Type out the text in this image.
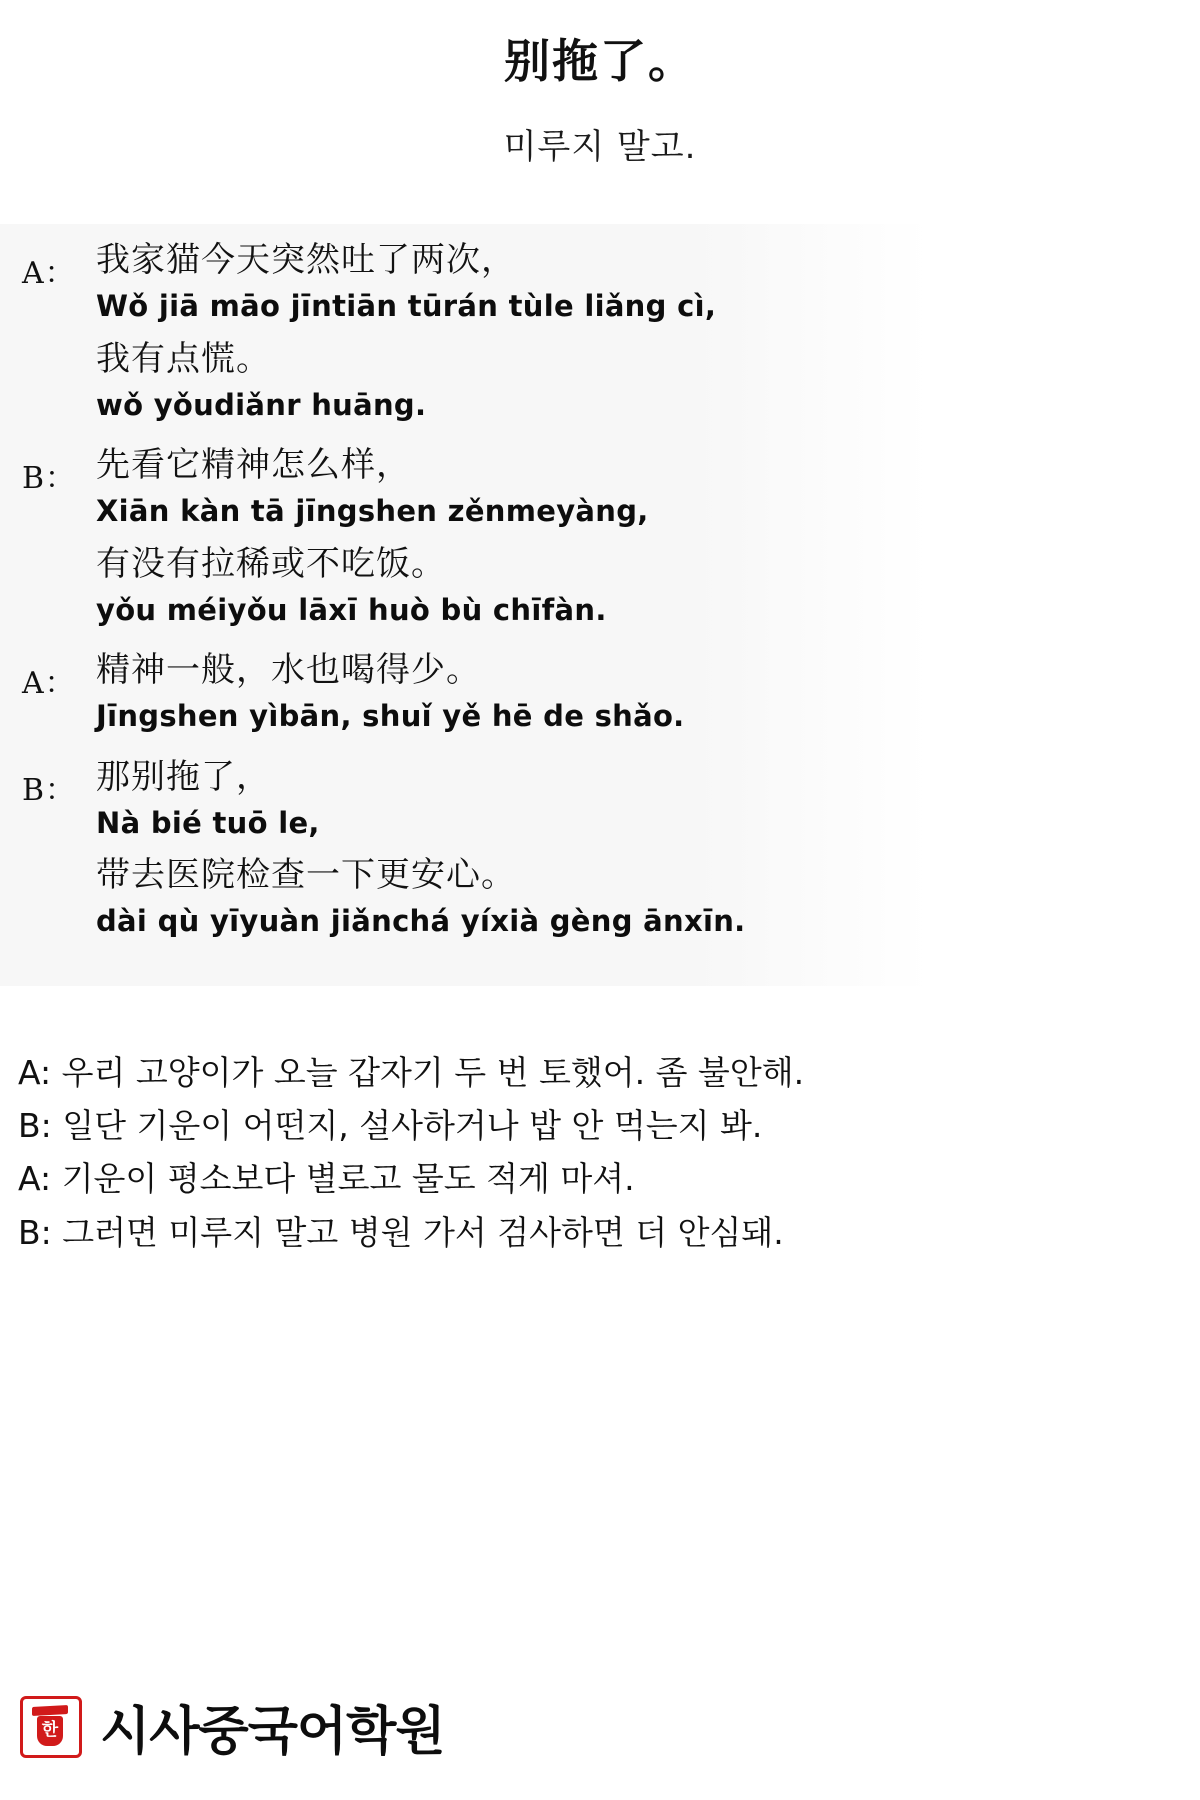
别拖了。
미루지 말고.
A： 我家猫今天突然吐了两次，
Wǒ jiā māo jīntiān tūrán tùle liǎng cì,
我有点慌。
wǒ yǒudiǎnr huāng.
B： 先看它精神怎么样，
Xiān kàn tā jīngshen zěnmeyàng,
有没有拉稀或不吃饭。
yǒu méiyǒu lāxī huò bù chīfàn.
A： 精神一般，水也喝得少。
Jīngshen yìbān, shuǐ yě hē de shǎo.
B： 那别拖了，
Nà bié tuō le,
带去医院检查一下更安心。
dài qù yīyuàn jiǎnchá yíxià gèng ānxīn.
A: 우리 고양이가 오늘 갑자기 두 번 토했어. 좀 불안해.
B: 일단 기운이 어떤지, 설사하거나 밥 안 먹는지 봐.
A: 기운이 평소보다 별로고 물도 적게 마셔.
B: 그러면 미루지 말고 병원 가서 검사하면 더 안심돼.
한 시사중국어학원
